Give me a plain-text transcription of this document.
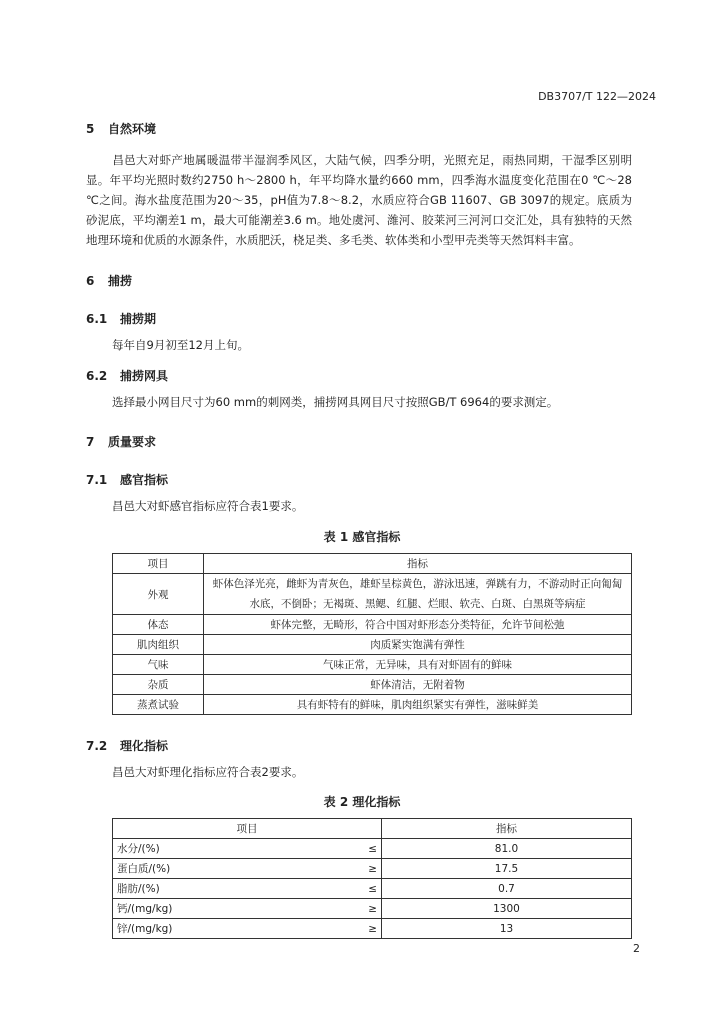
DB3707/T 122—2024
5 自然环境
昌邑大对虾产地属暖温带半湿润季风区，大陆气候，四季分明，光照充足，雨热同期，干湿季区别明显。年平均光照时数约2750 h～2800 h，年平均降水量约660 mm，四季海水温度变化范围在0 ℃～28 ℃之间。海水盐度范围为20～35，pH值为7.8～8.2，水质应符合GB 11607、GB 3097的规定。底质为砂泥底，平均潮差1 m，最大可能潮差3.6 m。地处虞河、潍河、胶莱河三河河口交汇处，具有独特的天然地理环境和优质的水源条件，水质肥沃，桡足类、多毛类、软体类和小型甲壳类等天然饵料丰富。
6 捕捞
6.1 捕捞期
每年自9月初至12月上旬。
6.2 捕捞网具
选择最小网目尺寸为60 mm的刺网类，捕捞网具网目尺寸按照GB/T 6964的要求测定。
7 质量要求
7.1 感官指标
昌邑大对虾感官指标应符合表1要求。
表 1 感官指标
项目	指标
外观	虾体色泽光亮，雌虾为青灰色，雄虾呈棕黄色，游泳迅速，弹跳有力，不游动时正向匍匐水底，不倒卧；无褐斑、黑鳃、红腿、烂眼、软壳、白斑、白黑斑等病症
体态	虾体完整，无畸形，符合中国对虾形态分类特征，允许节间松弛
肌肉组织	肉质紧实饱满有弹性
气味	气味正常，无异味，具有对虾固有的鲜味
杂质	虾体清洁，无附着物
蒸煮试验	具有虾特有的鲜味，肌肉组织紧实有弹性，滋味鲜美
7.2 理化指标
昌邑大对虾理化指标应符合表2要求。
表 2 理化指标
项目		指标
水分/(%)	≤	81.0
蛋白质/(%)	≥	17.5
脂肪/(%)	≤	0.7
钙/(mg/kg)	≥	1300
锌/(mg/kg)	≥	13
2
